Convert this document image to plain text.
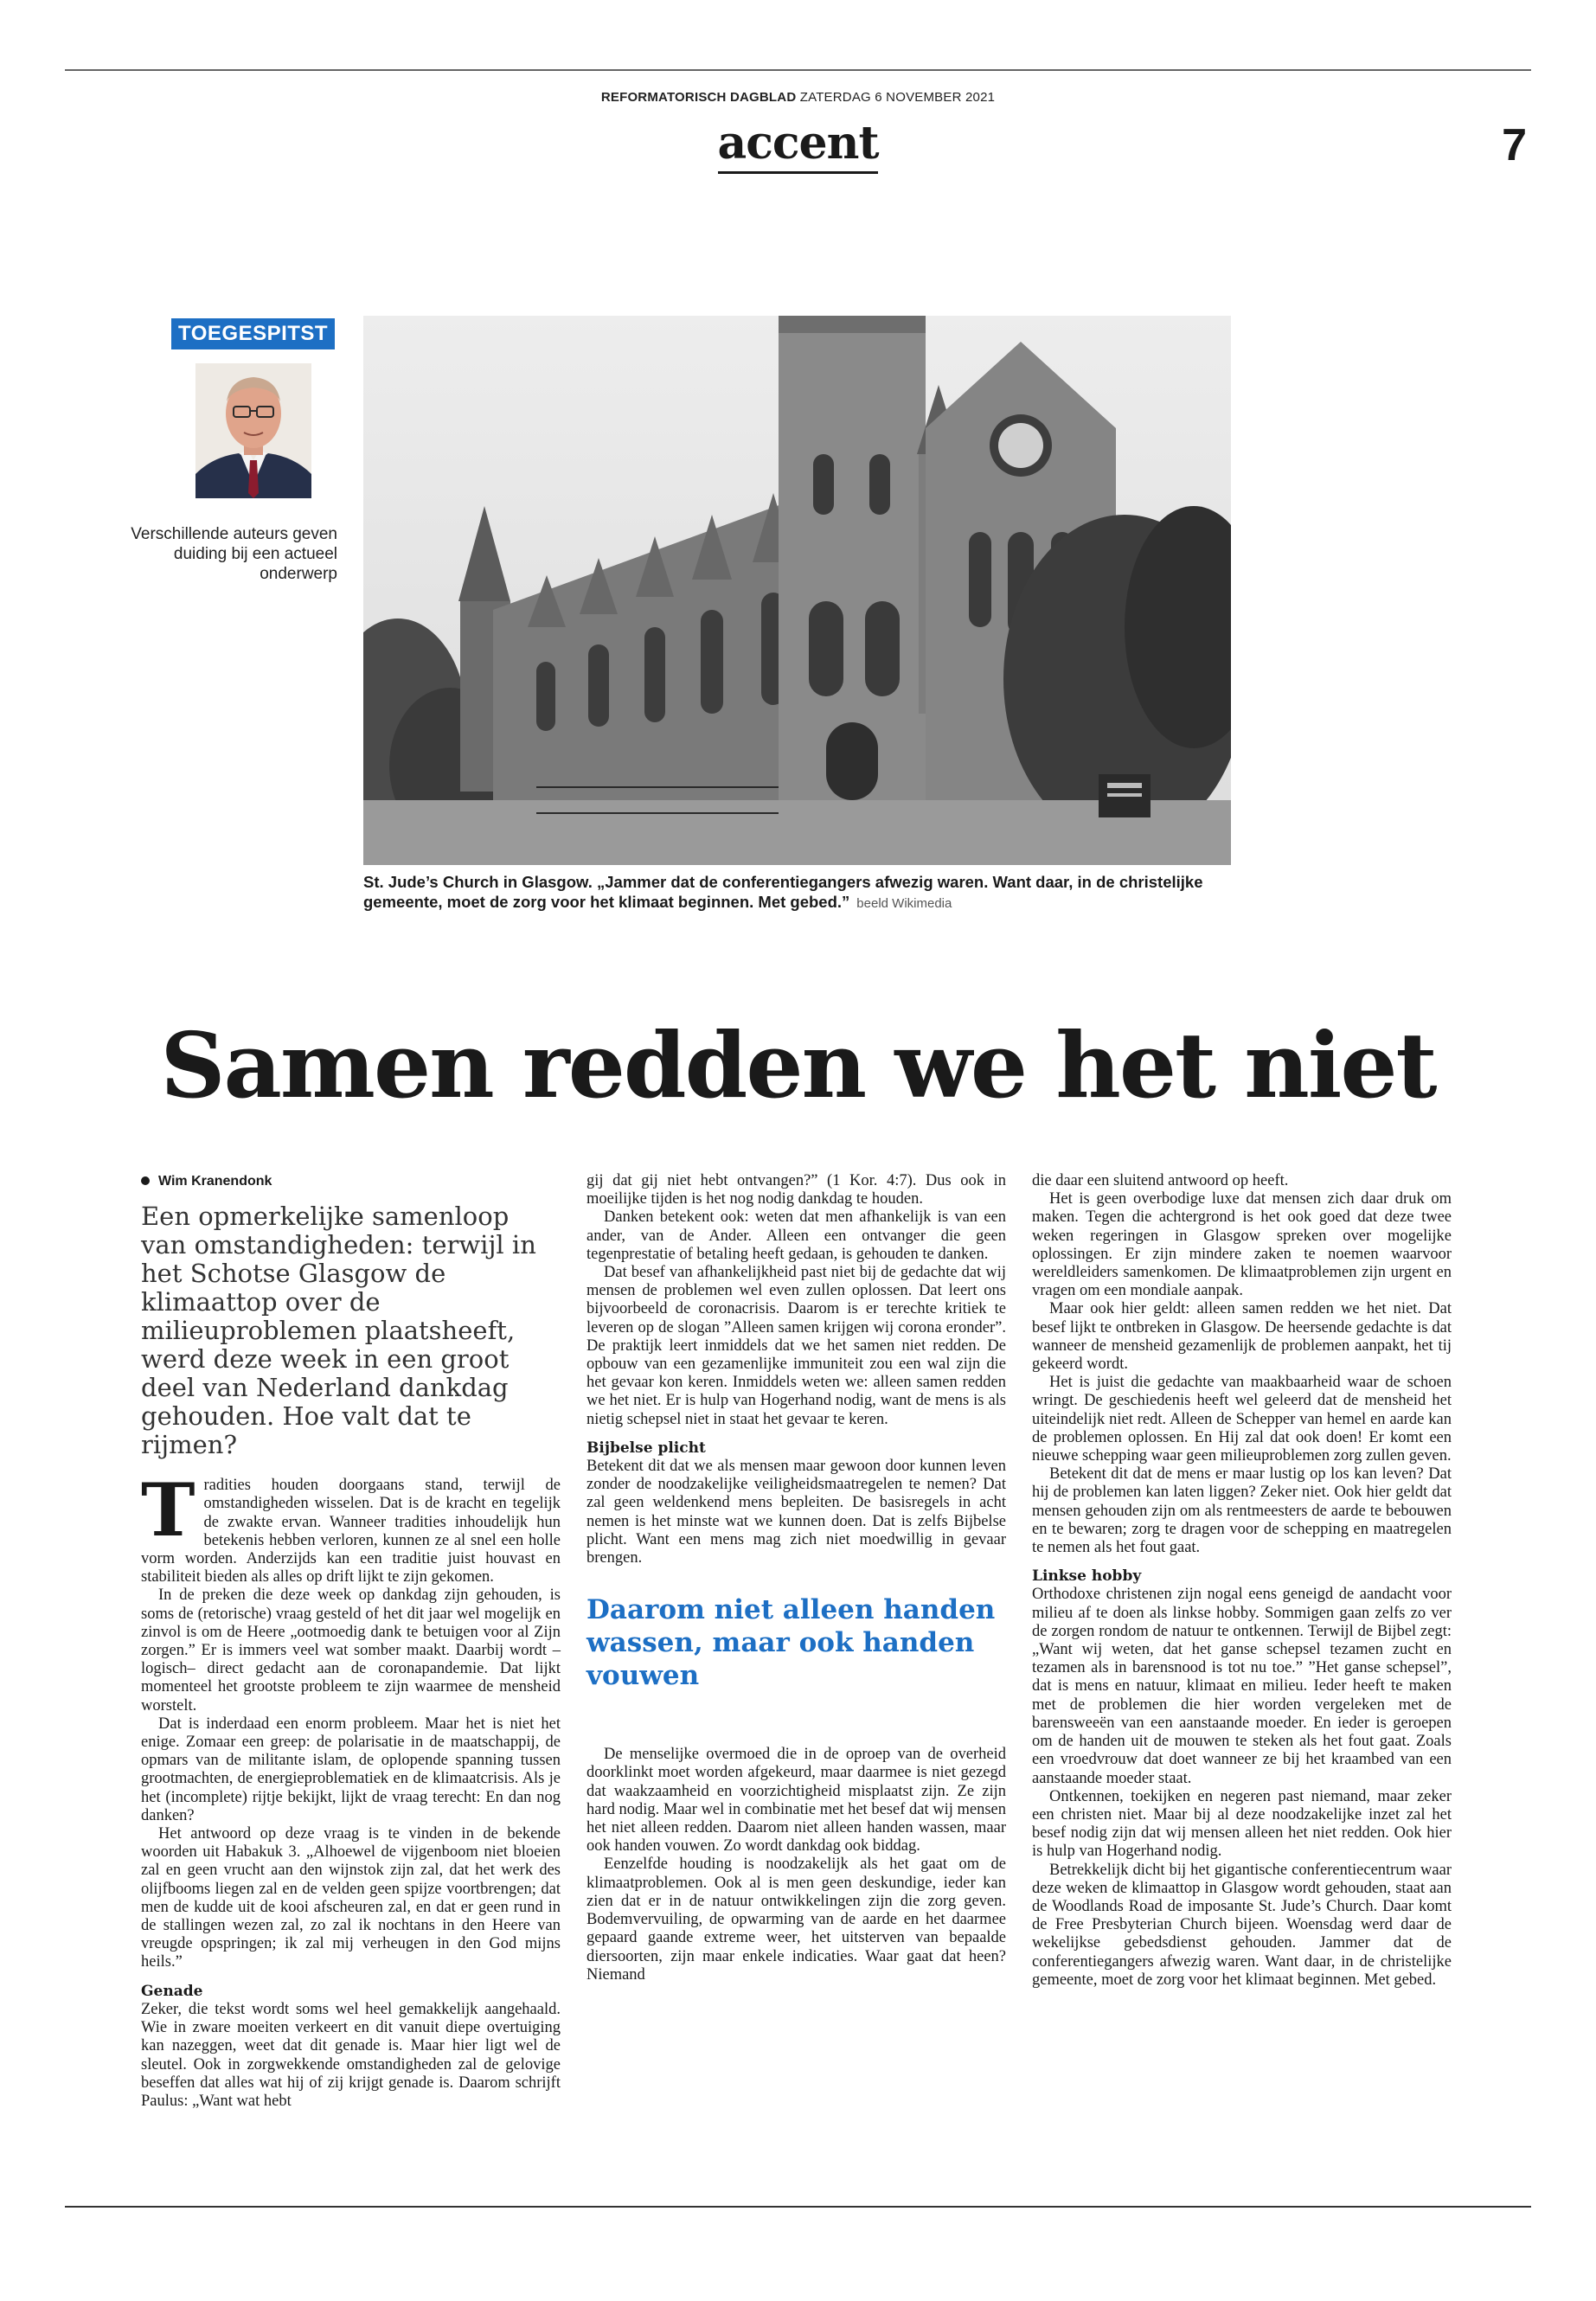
REFORMATORISCH DAGBLAD ZATERDAG 6 NOVEMBER 2021
accent	7
TOEGESPITST
Verschillende auteurs geven duiding bij een actueel onderwerp
St. Jude’s Church in Glasgow. „Jammer dat de conferentiegangers afwezig waren. Want daar, in de christelijke gemeente, moet de zorg voor het klimaat beginnen. Met gebed.” beeld Wikimedia
Samen redden we het niet
Wim Kranendonk
Een opmerkelijke samenloop van omstandigheden: terwijl in het Schotse Glasgow de klimaattop over de milieuproblemen plaatsheeft, werd deze week in een groot deel van Nederland dankdag gehouden. Hoe valt dat te rijmen?

Tradities houden doorgaans stand, terwijl de omstandigheden wisselen. Dat is de kracht en tegelijk de zwakte ervan. Wanneer tradities inhoudelijk hun betekenis hebben verloren, kunnen ze al snel een holle vorm worden. Anderzijds kan een traditie juist houvast en stabiliteit bieden als alles op drift lijkt te zijn gekomen.

In de preken die deze week op dankdag zijn gehouden, is soms de (retorische) vraag gesteld of het dit jaar wel mogelijk en zinvol is om de Heere „ootmoedig dank te betuigen voor al Zijn zorgen.” Er is immers veel wat somber maakt. Daarbij wordt –logisch– direct gedacht aan de coronapandemie. Dat lijkt momenteel het grootste probleem te zijn waarmee de mensheid worstelt.

Dat is inderdaad een enorm probleem. Maar het is niet het enige. Zomaar een greep: de polarisatie in de maatschappij, de opmars van de militante islam, de oplopende spanning tussen grootmachten, de energieproblematiek en de klimaatcrisis. Als je het (incomplete) rijtje bekijkt, lijkt de vraag terecht: En dan nog danken?

Het antwoord op deze vraag is te vinden in de bekende woorden uit Habakuk 3. „Alhoewel de vijgenboom niet bloeien zal en geen vrucht aan den wijnstok zijn zal, dat het werk des olijfbooms liegen zal en de velden geen spijze voortbrengen; dat men de kudde uit de kooi afscheuren zal, en dat er geen rund in de stallingen wezen zal, zo zal ik nochtans in den Heere van vreugde opspringen; ik zal mij verheugen in den God mijns heils.”

Genade

Zeker, die tekst wordt soms wel heel gemakkelijk aangehaald. Wie in zware moeiten verkeert en dit vanuit diepe overtuiging kan nazeggen, weet dat dit genade is. Maar hier ligt wel de sleutel. Ook in zorgwekkende omstandigheden zal de gelovige beseffen dat alles wat hij of zij krijgt genade is. Daarom schrijft Paulus: „Want wat hebt

gij dat gij niet hebt ontvangen?” (1 Kor. 4:7). Dus ook in moeilijke tijden is het nog nodig dankdag te houden.

Danken betekent ook: weten dat men afhankelijk is van een ander, van de Ander. Alleen een ontvanger die geen tegenprestatie of betaling heeft gedaan, is gehouden te danken.

Dat besef van afhankelijkheid past niet bij de gedachte dat wij mensen de problemen wel even zullen oplossen. Dat leert ons bijvoorbeeld de coronacrisis. Daarom is er terechte kritiek te leveren op de slogan ”Alleen samen krijgen wij corona eronder”. De praktijk leert inmiddels dat we het samen niet redden. De opbouw van een gezamenlijke immuniteit zou een wal zijn die het gevaar kon keren. Inmiddels weten we: alleen samen redden we het niet. Er is hulp van Hogerhand nodig, want de mens is als nietig schepsel niet in staat het gevaar te keren.

Bijbelse plicht

Betekent dit dat we als mensen maar gewoon door kunnen leven zonder de noodzakelijke veiligheidsmaatregelen te nemen? Dat zal geen weldenkend mens bepleiten. De basisregels in acht nemen is het minste wat we kunnen doen. Dat is zelfs Bijbelse plicht. Want een mens mag zich niet moedwillig in gevaar brengen.

Daarom niet alleen handen wassen, maar ook handen vouwen

De menselijke overmoed die in de oproep van de overheid doorklinkt moet worden afgekeurd, maar daarmee is niet gezegd dat waakzaamheid en voorzichtigheid misplaatst zijn. Ze zijn hard nodig. Maar wel in combinatie met het besef dat wij mensen het niet alleen redden. Daarom niet alleen handen wassen, maar ook handen vouwen. Zo wordt dankdag ook biddag.

Eenzelfde houding is noodzakelijk als het gaat om de klimaatproblemen. Ook al is men geen deskundige, ieder kan zien dat er in de natuur ontwikkelingen zijn die zorg geven. Bodemvervuiling, de opwarming van de aarde en het daarmee gepaard gaande extreme weer, het uitsterven van bepaalde diersoorten, zijn maar enkele indicaties. Waar gaat dat heen? Niemand

die daar een sluitend antwoord op heeft.

Het is geen overbodige luxe dat mensen zich daar druk om maken. Tegen die achtergrond is het ook goed dat deze twee weken regeringen in Glasgow spreken over mogelijke oplossingen. Er zijn mindere zaken te noemen waarvoor wereldleiders samenkomen. De klimaatproblemen zijn urgent en vragen om een mondiale aanpak.

Maar ook hier geldt: alleen samen redden we het niet. Dat besef lijkt te ontbreken in Glasgow. De heersende gedachte is dat wanneer de mensheid gezamenlijk de problemen aanpakt, het tij gekeerd wordt.

Het is juist die gedachte van maakbaarheid waar de schoen wringt. De geschiedenis heeft wel geleerd dat de mensheid het uiteindelijk niet redt. Alleen de Schepper van hemel en aarde kan de problemen oplossen. En Hij zal dat ook doen! Er komt een nieuwe schepping waar geen milieuproblemen zorg zullen geven.

Betekent dit dat de mens er maar lustig op los kan leven? Dat hij de problemen kan laten liggen? Zeker niet. Ook hier geldt dat mensen gehouden zijn om als rentmeesters de aarde te bebouwen en te bewaren; zorg te dragen voor de schepping en maatregelen te nemen als het fout gaat.

Linkse hobby

Orthodoxe christenen zijn nogal eens geneigd de aandacht voor milieu af te doen als linkse hobby. Sommigen gaan zelfs zo ver de zorgen rondom de natuur te ontkennen. Terwijl de Bijbel zegt: „Want wij weten, dat het ganse schepsel tezamen zucht en tezamen als in barensnood is tot nu toe.” ”Het ganse schepsel”, dat is mens en natuur, klimaat en milieu. Ieder heeft te maken met de problemen die hier worden vergeleken met de barensweeën van een aanstaande moeder. En ieder is geroepen om de handen uit de mouwen te steken als het fout gaat. Zoals een vroedvrouw dat doet wanneer ze bij het kraambed van een aanstaande moeder staat.

Ontkennen, toekijken en negeren past niemand, maar zeker een christen niet. Maar bij al deze noodzakelijke inzet zal het besef nodig zijn dat wij mensen alleen het niet redden. Ook hier is hulp van Hogerhand nodig.

Betrekkelijk dicht bij het gigantische conferentiecentrum waar deze weken de klimaattop in Glasgow wordt gehouden, staat aan de Woodlands Road de imposante St. Jude’s Church. Daar komt de Free Presbyterian Church bijeen. Woensdag werd daar de wekelijkse gebedsdienst gehouden. Jammer dat de conferentiegangers afwezig waren. Want daar, in de christelijke gemeente, moet de zorg voor het klimaat beginnen. Met gebed.
